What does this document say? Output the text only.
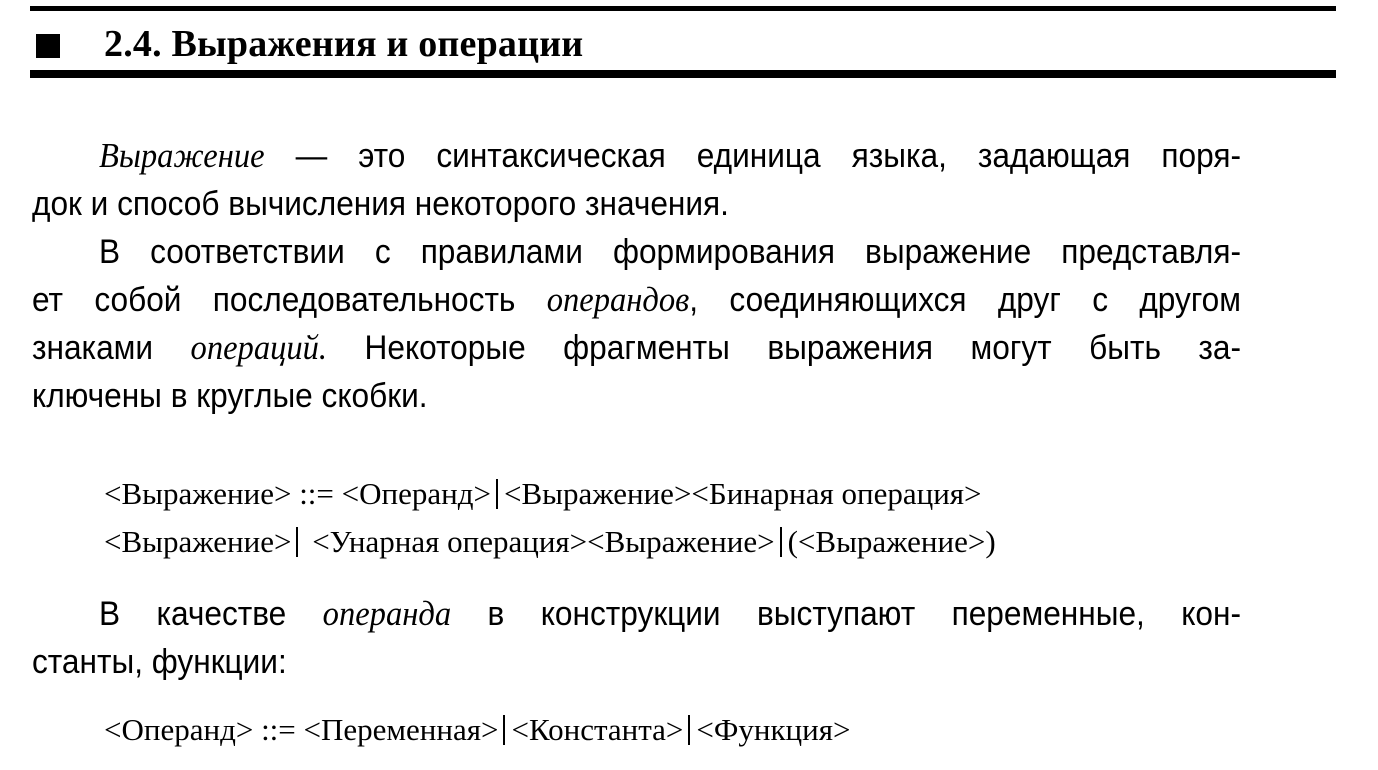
2.4. Выражения и операции
Выражение — это синтаксическая единица языка, задающая поря-
док и способ вычисления некоторого значения.
В соответствии с правилами формирования выражение представля-
ет собой последовательность операндов, соединяющихся друг с другом
знаками операций. Некоторые фрагменты выражения могут быть за-
ключены в круглые скобки.
<Выражение> ::= <Операнд> <Выражение><Бинарная операция>
<Выражение> <Унарная операция><Выражение> (<Выражение>)
В качестве операнда в конструкции выступают переменные, кон-
станты, функции:
<Операнд> ::= <Переменная> <Константа> <Функция>
